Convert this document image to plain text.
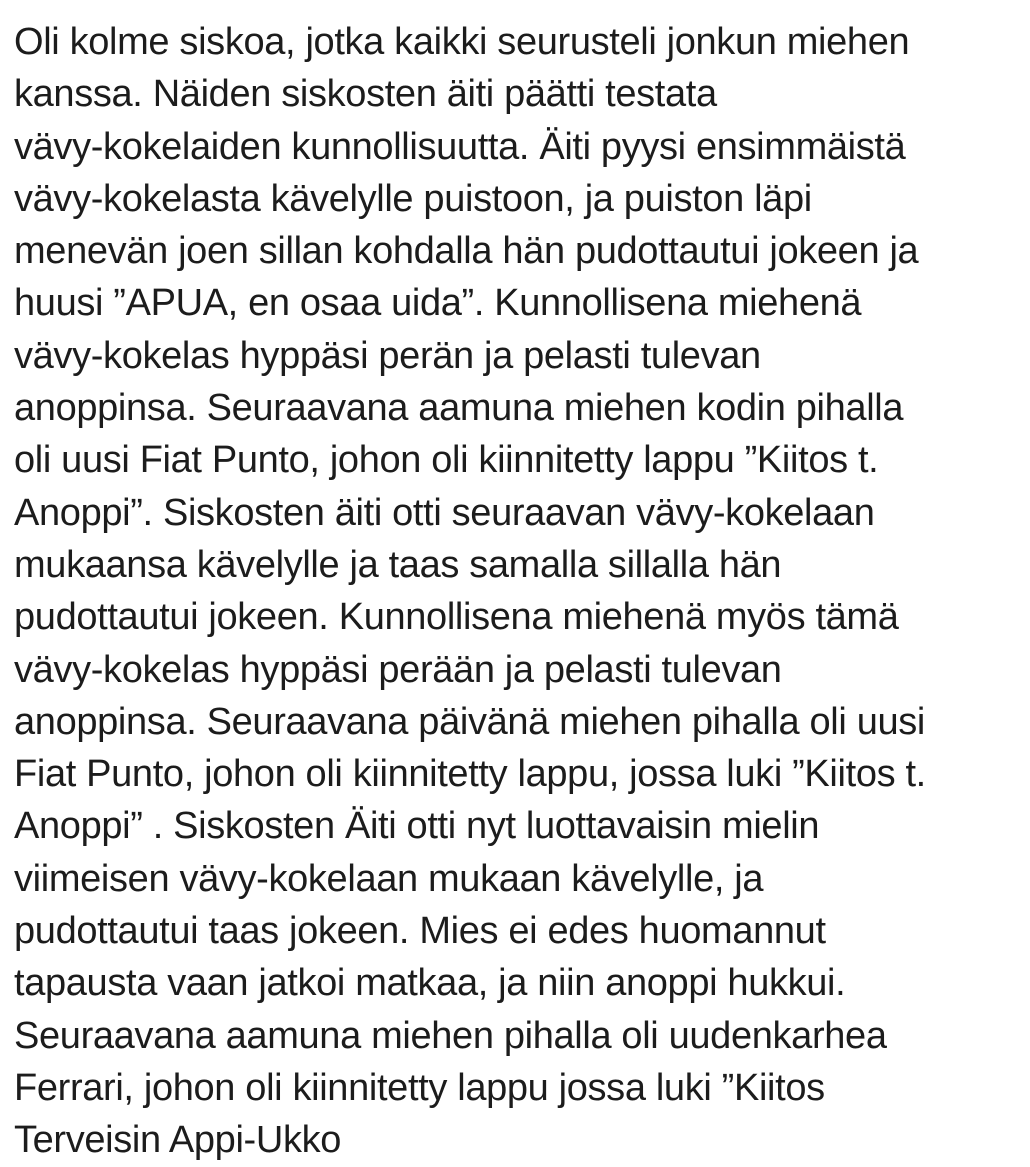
Oli kolme siskoa, jotka kaikki seurusteli jonkun miehen
kanssa. Näiden siskosten äiti päätti testata
vävy-kokelaiden kunnollisuutta. Äiti pyysi ensimmäistä
vävy-kokelasta kävelylle puistoon, ja puiston läpi
menevän joen sillan kohdalla hän pudottautui jokeen ja
huusi ”APUA, en osaa uida”. Kunnollisena miehenä
vävy-kokelas hyppäsi perän ja pelasti tulevan
anoppinsa. Seuraavana aamuna miehen kodin pihalla
oli uusi Fiat Punto, johon oli kiinnitetty lappu ”Kiitos t.
Anoppi”. Siskosten äiti otti seuraavan vävy-kokelaan
mukaansa kävelylle ja taas samalla sillalla hän
pudottautui jokeen. Kunnollisena miehenä myös tämä
vävy-kokelas hyppäsi perään ja pelasti tulevan
anoppinsa. Seuraavana päivänä miehen pihalla oli uusi
Fiat Punto, johon oli kiinnitetty lappu, jossa luki ”Kiitos t.
Anoppi” . Siskosten Äiti otti nyt luottavaisin mielin
viimeisen vävy-kokelaan mukaan kävelylle, ja
pudottautui taas jokeen. Mies ei edes huomannut
tapausta vaan jatkoi matkaa, ja niin anoppi hukkui.
Seuraavana aamuna miehen pihalla oli uudenkarhea
Ferrari, johon oli kiinnitetty lappu jossa luki ”Kiitos
Terveisin Appi-Ukko
